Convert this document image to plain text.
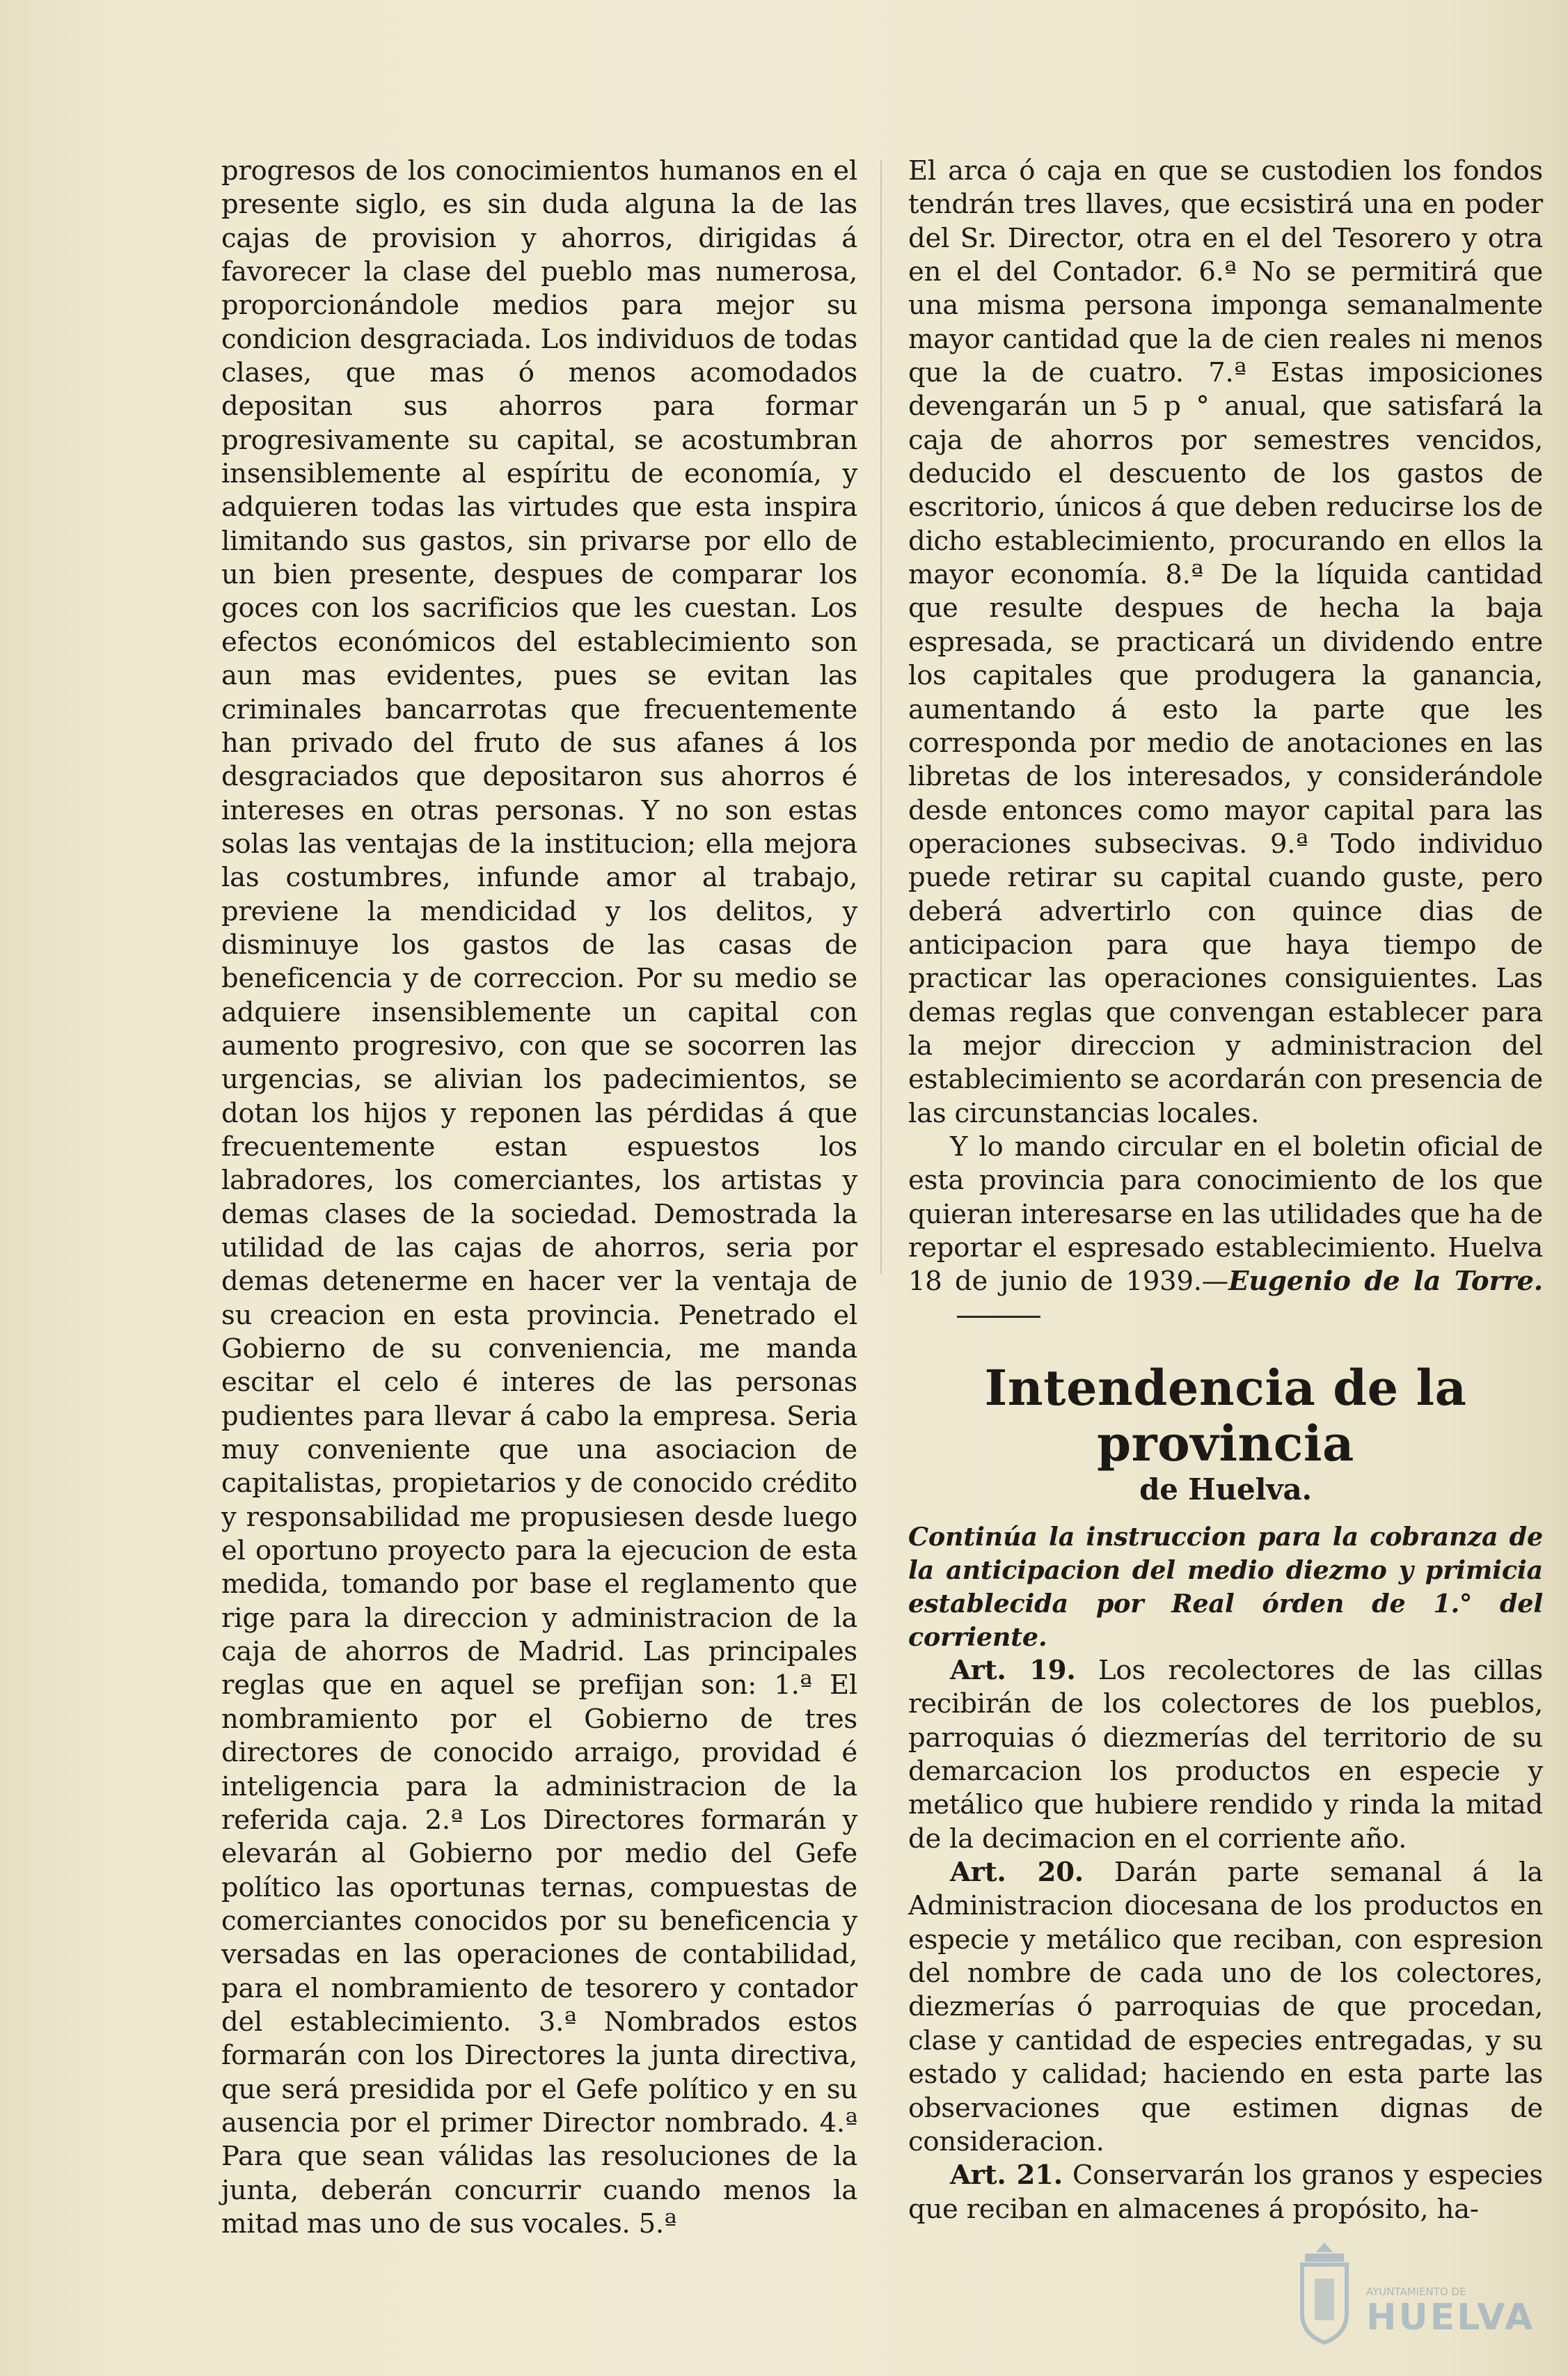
progresos de los conocimientos humanos en el presente siglo, es sin duda alguna la de las cajas de provision y ahorros, dirigidas á favorecer la clase del pueblo mas numerosa, proporcionándole medios para mejor su condicion desgraciada. Los individuos de todas clases, que mas ó menos acomodados depositan sus ahorros para formar progresivamente su capital, se acostumbran insensiblemente al espíritu de economía, y adquieren todas las virtudes que esta inspira limitando sus gastos, sin privarse por ello de un bien presente, despues de comparar los goces con los sacrificios que les cuestan. Los efectos económicos del establecimiento son aun mas evidentes, pues se evitan las criminales bancarrotas que frecuentemente han privado del fruto de sus afanes á los desgraciados que depositaron sus ahorros é intereses en otras personas. Y no son estas solas las ventajas de la institucion; ella mejora las costumbres, infunde amor al trabajo, previene la mendicidad y los delitos, y disminuye los gastos de las casas de beneficencia y de correccion. Por su medio se adquiere insensiblemente un capital con aumento progresivo, con que se socorren las urgencias, se alivian los padecimientos, se dotan los hijos y reponen las pérdidas á que frecuentemente estan espuestos los labradores, los comerciantes, los artistas y demas clases de la sociedad. Demostrada la utilidad de las cajas de ahorros, seria por demas detenerme en hacer ver la ventaja de su creacion en esta provincia. Penetrado el Gobierno de su conveniencia, me manda escitar el celo é interes de las personas pudientes para llevar á cabo la empresa. Seria muy conveniente que una asociacion de capitalistas, propietarios y de conocido crédito y responsabilidad me propusiesen desde luego el oportuno proyecto para la ejecucion de esta medida, tomando por base el reglamento que rige para la direccion y administracion de la caja de ahorros de Madrid. Las principales reglas que en aquel se prefijan son: 1.ª El nombramiento por el Gobierno de tres directores de conocido arraigo, providad é inteligencia para la administracion de la referida caja. 2.ª Los Directores formarán y elevarán al Gobierno por medio del Gefe político las oportunas ternas, compuestas de comerciantes conocidos por su beneficencia y versadas en las operaciones de contabilidad, para el nombramiento de tesorero y contador del establecimiento. 3.ª Nombrados estos formarán con los Directores la junta directiva, que será presidida por el Gefe político y en su ausencia por el primer Director nombrado. 4.ª Para que sean válidas las resoluciones de la junta, deberán concurrir cuando menos la mitad mas uno de sus vocales. 5.ª

El arca ó caja en que se custodien los fondos tendrán tres llaves, que ecsistirá una en poder del Sr. Director, otra en el del Tesorero y otra en el del Contador. 6.ª No se permitirá que una misma persona imponga semanalmente mayor cantidad que la de cien reales ni menos que la de cuatro. 7.ª Estas imposiciones devengarán un 5 p ° anual, que satisfará la caja de ahorros por semestres vencidos, deducido el descuento de los gastos de escritorio, únicos á que deben reducirse los de dicho establecimiento, procurando en ellos la mayor economía. 8.ª De la líquida cantidad que resulte despues de hecha la baja espresada, se practicará un dividendo entre los capitales que produgera la ganancia, aumentando á esto la parte que les corresponda por medio de anotaciones en las libretas de los interesados, y considerándole desde entonces como mayor capital para las operaciones subsecivas. 9.ª Todo individuo puede retirar su capital cuando guste, pero deberá advertirlo con quince dias de anticipacion para que haya tiempo de practicar las operaciones consiguientes. Las demas reglas que convengan establecer para la mejor direccion y administracion del establecimiento se acordarán con presencia de las circunstancias locales.

Y lo mando circular en el boletin oficial de esta provincia para conocimiento de los que quieran interesarse en las utilidades que ha de reportar el espresado establecimiento. Huelva 18 de junio de 1939.—Eugenio de la Torre.

Intendencia de la provincia
de Huelva.

Continúa la instruccion para la cobranza de la anticipacion del medio diezmo y primicia establecida por Real órden de 1.° del corriente.

Art. 19. Los recolectores de las cillas recibirán de los colectores de los pueblos, parroquias ó diezmerías del territorio de su demarcacion los productos en especie y metálico que hubiere rendido y rinda la mitad de la decimacion en el corriente año.

Art. 20. Darán parte semanal á la Administracion diocesana de los productos en especie y metálico que reciban, con espresion del nombre de cada uno de los colectores, diezmerías ó parroquias de que procedan, clase y cantidad de especies entregadas, y su estado y calidad; haciendo en esta parte las observaciones que estimen dignas de consideracion.

Art. 21. Conservarán los granos y especies que reciban en almacenes á propósito, ha-

AYUNTAMIENTO DE
HUELVA
